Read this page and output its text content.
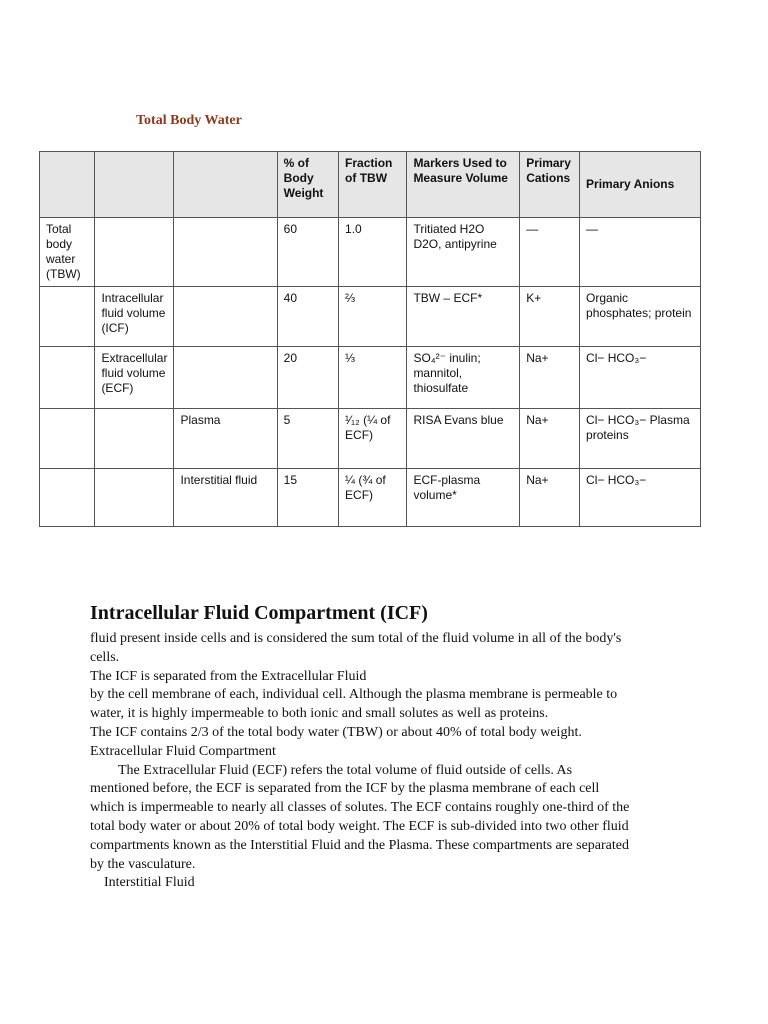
Total Body Water
			% of Body Weight	Fraction of TBW	Markers Used to Measure Volume	Primary Cations	Primary Anions
Total body water (TBW)			60	1.0	Tritiated H2O D2O, antipyrine	—	—
	Intracellular fluid volume (ICF)		40	⅔	TBW – ECF*	K+	Organic phosphates; protein
	Extracellular fluid volume (ECF)		20	⅓	SO₄²⁻ inulin; mannitol, thiosulfate	Na+	Cl− HCO₃−
		Plasma	5	¹⁄₁₂ (¼ of ECF)	RISA Evans blue	Na+	Cl− HCO₃− Plasma proteins
		Interstitial fluid	15	¼ (¾ of ECF)	ECF-plasma volume*	Na+	Cl− HCO₃−
Intracellular Fluid Compartment (ICF)

fluid present inside cells and is considered the sum total of the fluid volume in all of the body's cells.

The ICF is separated from the Extracellular Fluid

by the cell membrane of each, individual cell. Although the plasma membrane is permeable to water, it is highly impermeable to both ionic and small solutes as well as proteins.

The ICF contains 2/3 of the total body water (TBW) or about 40% of total body weight.

Extracellular Fluid Compartment

The Extracellular Fluid (ECF) refers the total volume of fluid outside of cells. As mentioned before, the ECF is separated from the ICF by the plasma membrane of each cell which is impermeable to nearly all classes of solutes. The ECF contains roughly one-third of the total body water or about 20% of total body weight. The ECF is sub-divided into two other fluid compartments known as the Interstitial Fluid and the Plasma. These compartments are separated by the vasculature.

Interstitial Fluid
